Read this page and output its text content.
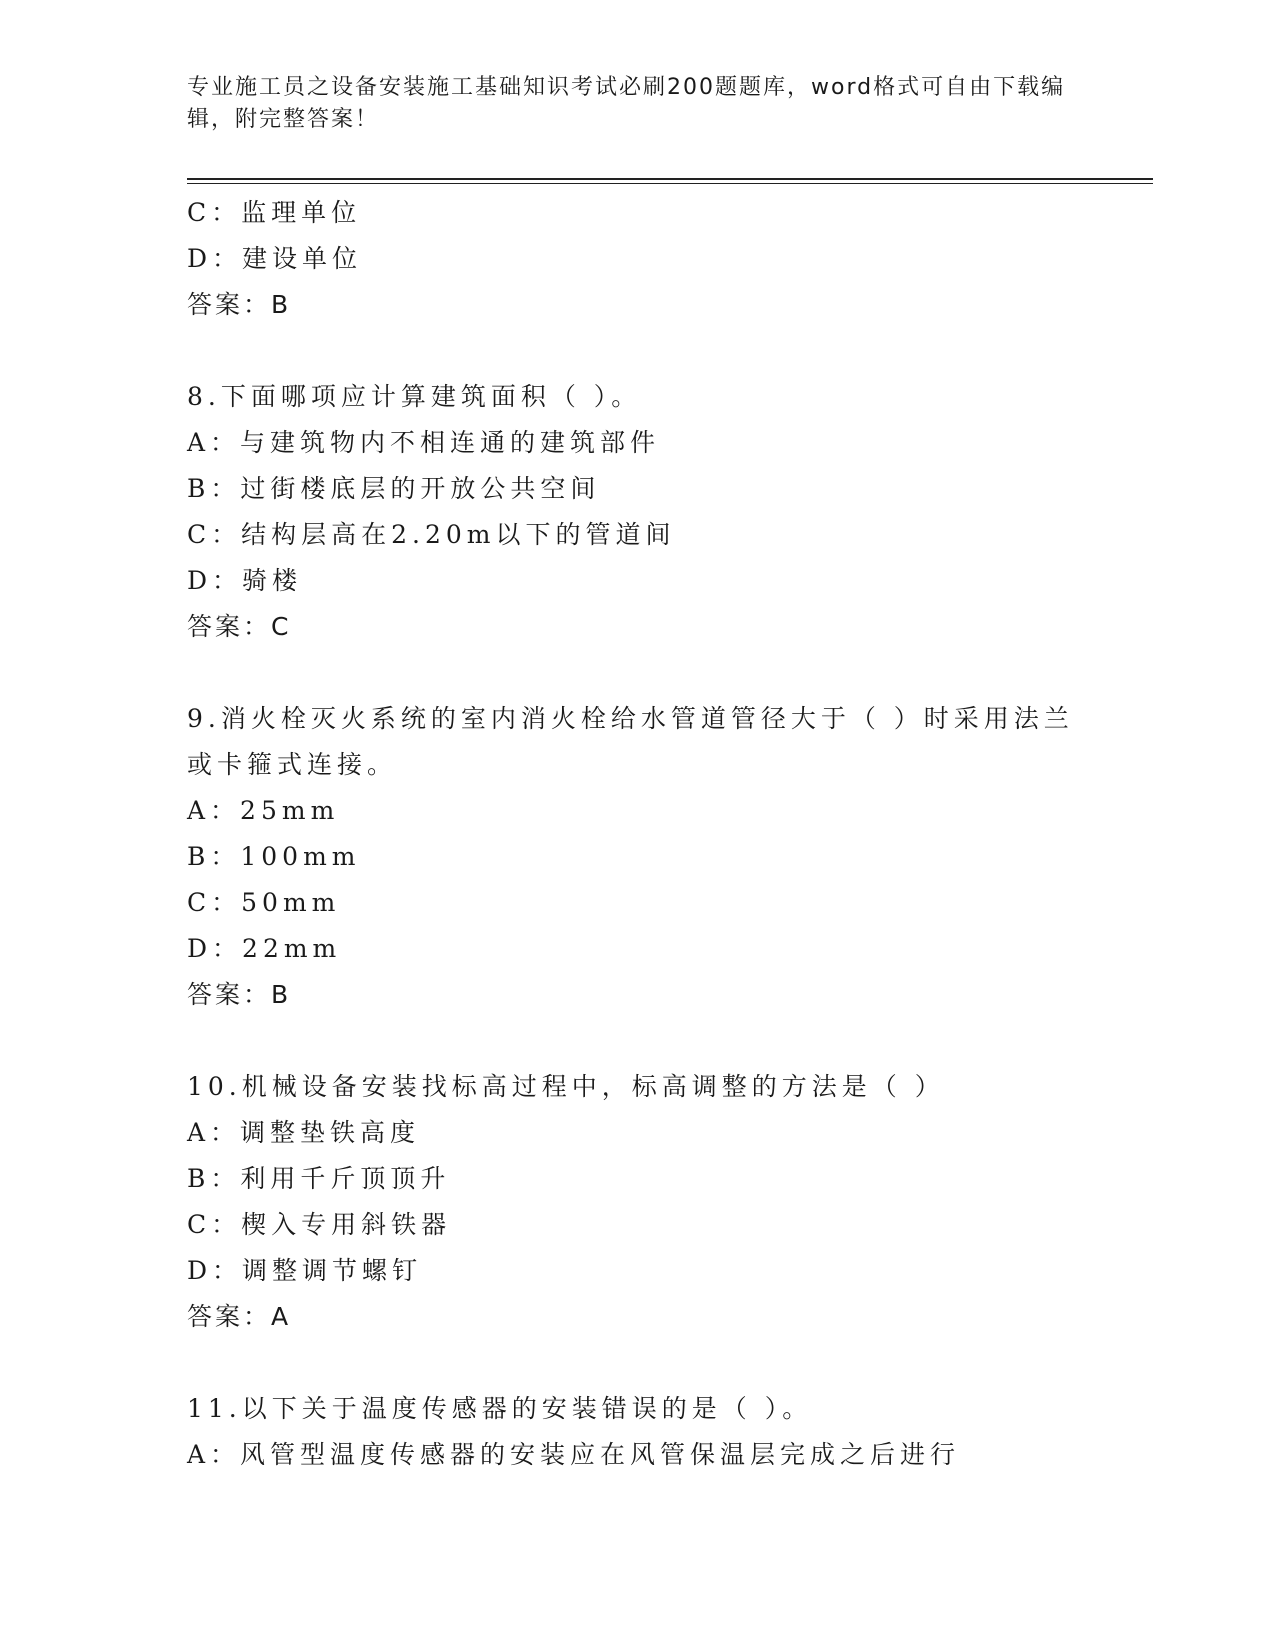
专业施工员之设备安装施工基础知识考试必刷200题题库，word格式可自由下载编辑，附完整答案！
C：监理单位
D：建设单位
答案：B
8.下面哪项应计算建筑面积（ ）。
A：与建筑物内不相连通的建筑部件
B：过街楼底层的开放公共空间
C：结构层高在2.20m以下的管道间
D：骑楼
答案：C
9.消火栓灭火系统的室内消火栓给水管道管径大于（ ）时采用法兰或卡箍式连接。
A：25mm
B：100mm
C：50mm
D：22mm
答案：B
10.机械设备安装找标高过程中，标高调整的方法是（ ）
A：调整垫铁高度
B：利用千斤顶顶升
C：楔入专用斜铁器
D：调整调节螺钉
答案：A
11.以下关于温度传感器的安装错误的是（ ）。
A：风管型温度传感器的安装应在风管保温层完成之后进行
